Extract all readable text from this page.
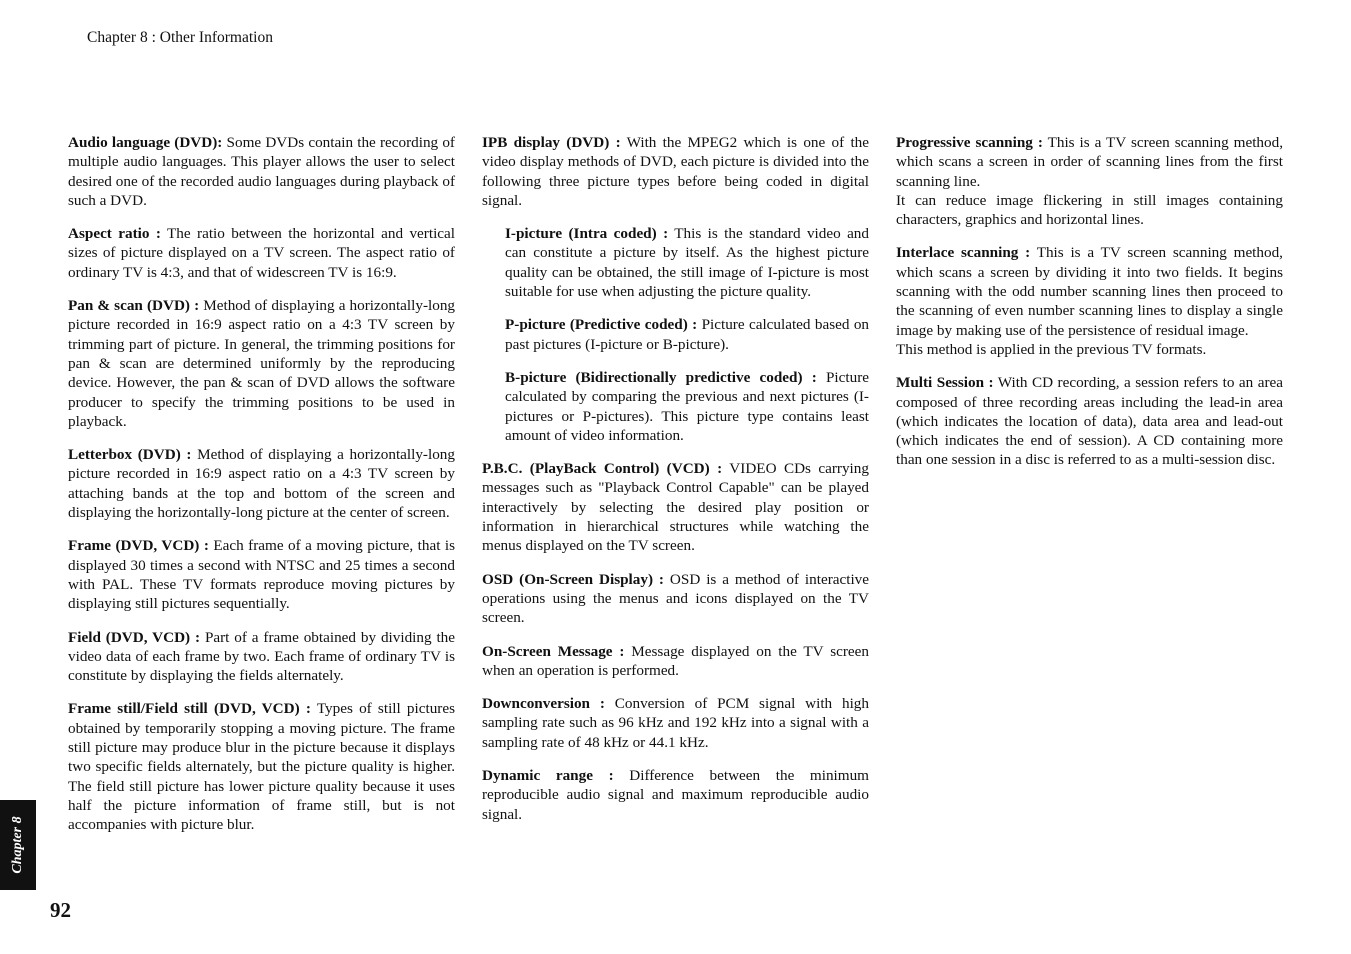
Chapter 8 : Other Information
Audio language (DVD): Some DVDs contain the recording of multiple audio languages. This player allows the user to select desired one of the recorded audio languages during playback of such a DVD.
Aspect ratio : The ratio between the horizontal and vertical sizes of picture displayed on a TV screen. The aspect ratio of ordinary TV is 4:3, and that of widescreen TV is 16:9.
Pan & scan (DVD) : Method of displaying a horizontally-long picture recorded in 16:9 aspect ratio on a 4:3 TV screen by trimming part of picture. In general, the trimming positions for pan & scan are determined uniformly by the reproducing device. However, the pan & scan of DVD allows the software producer to specify the trimming positions to be used in playback.
Letterbox (DVD) : Method of displaying a horizontally-long picture recorded in 16:9 aspect ratio on a 4:3 TV screen by attaching bands at the top and bottom of the screen and displaying the horizontally-long picture at the center of screen.
Frame (DVD, VCD) : Each frame of a moving picture, that is displayed 30 times a second with NTSC and 25 times a second with PAL. These TV formats reproduce moving pictures by displaying still pictures sequentially.
Field (DVD, VCD) : Part of a frame obtained by dividing the video data of each frame by two. Each frame of ordinary TV is constitute by displaying the fields alternately.
Frame still/Field still (DVD, VCD) : Types of still pictures obtained by temporarily stopping a moving picture. The frame still picture may produce blur in the picture because it displays two specific fields alternately, but the picture quality is higher. The field still picture has lower picture quality because it uses half the picture information of frame still, but is not accompanies with picture blur.
IPB display (DVD) : With the MPEG2 which is one of the video display methods of DVD, each picture is divided into the following three picture types before being coded in digital signal.
I-picture (Intra coded) : This is the standard video and can constitute a picture by itself. As the highest picture quality can be obtained, the still image of I-picture is most suitable for use when adjusting the picture quality.
P-picture (Predictive coded) : Picture calculated based on past pictures (I-picture or B-picture).
B-picture (Bidirectionally predictive coded) : Picture calculated by comparing the previous and next pictures (I-pictures or P-pictures). This picture type contains least amount of video information.
P.B.C. (PlayBack Control) (VCD) : VIDEO CDs carrying messages such as "Playback Control Capable" can be played interactively by selecting the desired play position or information in hierarchical structures while watching the menus displayed on the TV screen.
OSD (On-Screen Display) : OSD is a method of interactive operations using the menus and icons displayed on the TV screen.
On-Screen Message : Message displayed on the TV screen when an operation is performed.
Downconversion : Conversion of PCM signal with high sampling rate such as 96 kHz and 192 kHz into a signal with a sampling rate of 48 kHz or 44.1 kHz.
Dynamic range : Difference between the minimum reproducible audio signal and maximum reproducible audio signal.
Progressive scanning : This is a TV screen scanning method, which scans a screen in order of scanning lines from the first scanning line.
It can reduce image flickering in still images containing characters, graphics and horizontal lines.
Interlace scanning : This is a TV screen scanning method, which scans a screen by dividing it into two fields. It begins scanning with the odd number scanning lines then proceed to the scanning of even number scanning lines to display a single image by making use of the persistence of residual image.
This method is applied in the previous TV formats.
Multi Session : With CD recording, a session refers to an area composed of three recording areas including the lead-in area (which indicates the location of data), data area and lead-out (which indicates the end of session). A CD containing more than one session in a disc is referred to as a multi-session disc.
Chapter 8
92
